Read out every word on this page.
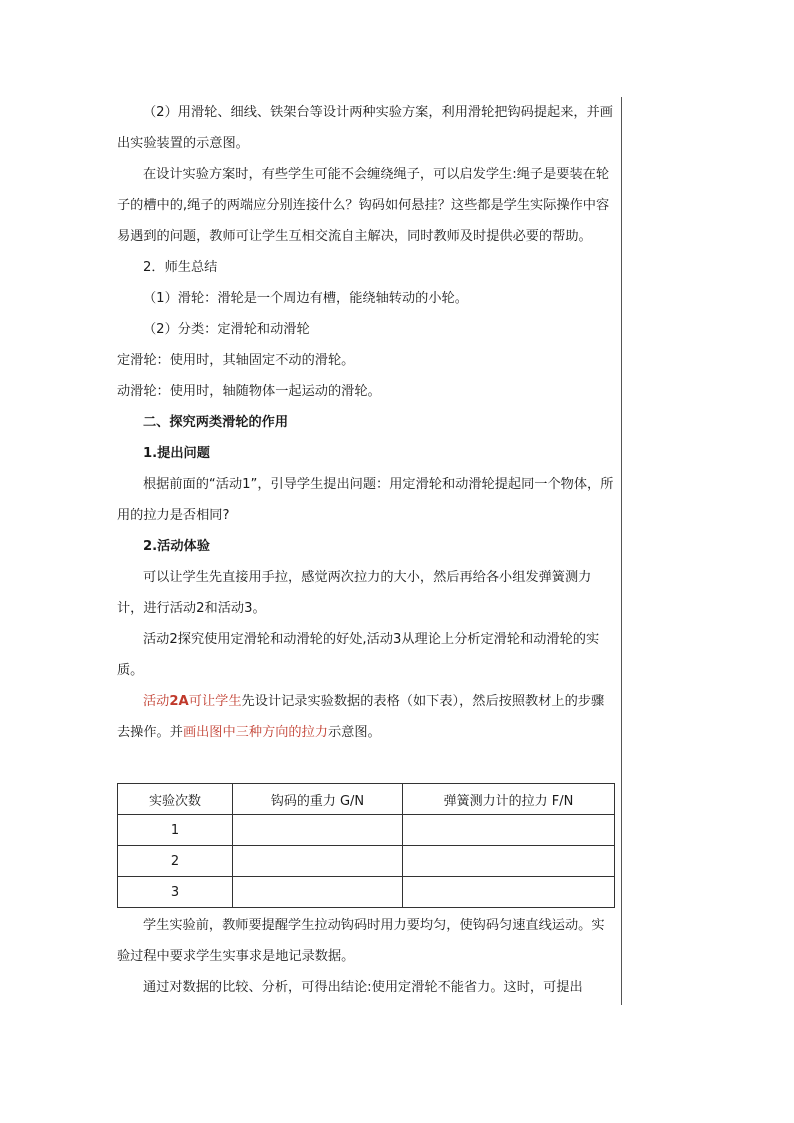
（2）用滑轮、细线、铁架台等设计两种实验方案，利用滑轮把钩码提起来，并画出实验装置的示意图。

在设计实验方案时，有些学生可能不会缠绕绳子，可以启发学生:绳子是要装在轮子的槽中的,绳子的两端应分别连接什么？钩码如何悬挂？这些都是学生实际操作中容易遇到的问题，教师可让学生互相交流自主解决，同时教师及时提供必要的帮助。

2．师生总结

（1）滑轮：滑轮是一个周边有槽，能绕轴转动的小轮。

（2）分类：定滑轮和动滑轮

定滑轮：使用时，其轴固定不动的滑轮。

动滑轮：使用时，轴随物体一起运动的滑轮。

二、探究两类滑轮的作用

1.提出问题

根据前面的“活动1”，引导学生提出问题：用定滑轮和动滑轮提起同一个物体，所用的拉力是否相同?

2.活动体验

可以让学生先直接用手拉，感觉两次拉力的大小，然后再给各小组发弹簧测力计，进行活动2和活动3。

活动2探究使用定滑轮和动滑轮的好处,活动3从理论上分析定滑轮和动滑轮的实质。

活动2A可让学生先设计记录实验数据的表格（如下表），然后按照教材上的步骤去操作。并画出图中三种方向的拉力示意图。

实验次数	钩码的重力 G/N	弹簧测力计的拉力 F/N
1		
2		
3		

学生实验前，教师要提醒学生拉动钩码时用力要均匀，使钩码匀速直线运动。实验过程中要求学生实事求是地记录数据。

通过对数据的比较、分析，可得出结论:使用定滑轮不能省力。这时，可提出
